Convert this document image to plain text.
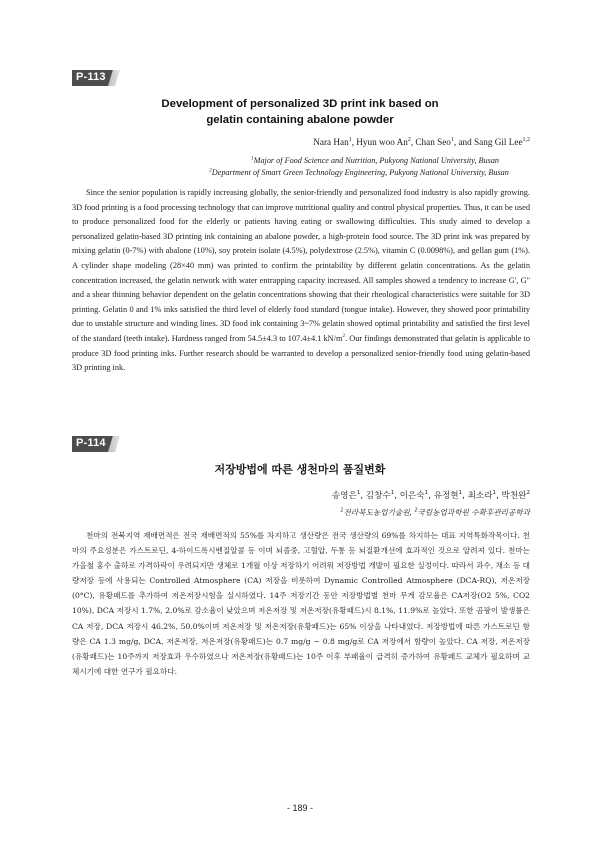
P-113
Development of personalized 3D print ink based on
gelatin containing abalone powder
Nara Han$^1$, Hyun woo An$^2$, Chan Seo$^1$, and Sang Gil Lee$^{1,2}$
$^1$Major of Food Science and Nutrition, Pukyong National University, Busan
$^2$Department of Smart Green Technology Engineering, Pukyong National University, Busan

Since the senior population is rapidly increasing globally, the senior-friendly and personalized food industry is also rapidly growing. 3D food printing is a food processing technology that can improve nutritional quality and control physical properties. Thus, it can be used to produce personalized food for the elderly or patients having eating or swallowing difficulties. This study aimed to develop a personalized gelatin-based 3D printing ink containing an abalone powder, a high-protein food source. The 3D print ink was prepared by mixing gelatin (0-7%) with abalone (10%), soy protein isolate (4.5%), polydextrose (2.5%), vitamin C (0.0098%), and gellan gum (1%). A cylinder shape modeling (28×40 mm) was printed to confirm the printability by different gelatin concentrations. As the gelatin concentration increased, the gelatin network with water entrapping capacity increased. All samples showed a tendency to increase G', G" and a shear thinning behavior dependent on the gelatin concentrations showing that their rheological characteristics were suitable for 3D printing. Gelatin 0 and 1% inks satisfied the third level of elderly food standard (tongue intake). However, they showed poor printability due to unstable structure and winding lines. 3D food ink containing 3~7% gelatin showed optimal printability and satisfied the first level of the standard (teeth intake). Hardness ranged from 54.5±4.3 to 107.4±4.1 $kN/m^2$. Our findings demonstrated that gelatin is applicable to produce 3D food printing inks. Further research should be warranted to develop a personalized senior-friendly food using gelatin-based 3D printing ink.

P-114
저장방법에 따른 생천마의 품질변화
송영은$^1$, 김창수$^1$, 이은숙$^1$, 유정현$^1$, 최소라$^1$, 박천완$^2$
$^1$전라북도농업기술원, $^2$국립농업과학원 수확후관리공학과

천마의 전북지역 재배면적은 전국 재배면적의 55%를 차지하고 생산량은 전국 생산량의 69%를 차지하는 대표 지역특화작목이다. 천마의 주요성분은 가스트로딘, 4-하이드록시벤질알콜 등 이며 뇌졸중, 고혈압, 두통 등 뇌질환개선에 효과적인 것으로 알려져 있다. 천마는 가을철 홍수 출하로 가격하락이 우려되지만 생체로 1개월 이상 저장하기 어려워 저장방법 개발이 필요한 실정이다. 따라서 과수, 채소 등 대량저장 등에 사용되는 Controlled Atmosphere (CA) 저장을 비롯하여 Dynamic Controlled Atmosphere (DCA-RQ), 저온저장(0°C), 유황패드를 추가하여 저온저장시험을 실시하였다. 14주 저장기간 동안 저장방법별 천마 무게 감모율은 CA저장(O2 5%, CO2 10%), DCA 저장시 1.7%, 2.0%로 감소율이 낮았으며 저온저장 및 저온저장(유황패드)시 8.1%, 11.9%로 높았다. 또한 곰팡이 발생률은 CA 저장, DCA 저장시 46.2%, 50.0%이며 저온저장 및 저온저장(유황패드)는 65% 이상을 나타내었다. 저장방법에 따른 가스트로딘 함량은 CA 1.3 mg/g, DCA, 저온저장, 저온저장(유황패드)는 0.7 mg/g ~ 0.8 mg/g로 CA 저장에서 함량이 높았다. CA 저장, 저온저장(유황패드)는 10주까지 저장효과 우수하였으나 저온저장(유황패드)는 10주 이후 부패율이 급격히 증가하여 유황패드 교체가 필요하며 교체시기에 대한 연구가 필요하다.

- 189 -
